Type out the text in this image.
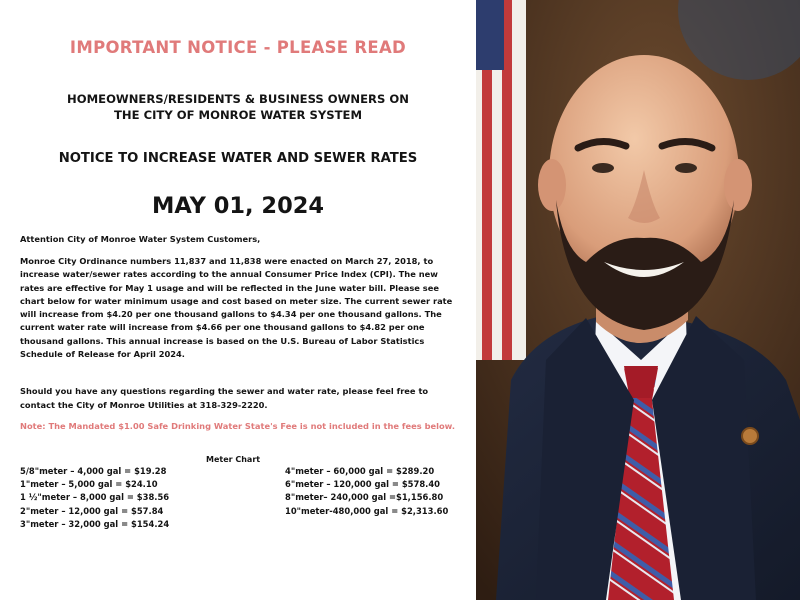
IMPORTANT NOTICE - PLEASE READ
HOMEOWNERS/RESIDENTS & BUSINESS OWNERS ON
THE CITY OF MONROE WATER SYSTEM
NOTICE TO INCREASE WATER AND SEWER RATES
MAY 01, 2024

Attention City of Monroe Water System Customers,

Monroe City Ordinance numbers 11,837 and 11,838 were enacted on March 27, 2018, to increase water/sewer rates according to the annual Consumer Price Index (CPI). The new rates are effective for May 1 usage and will be reflected in the June water bill. Please see chart below for water minimum usage and cost based on meter size. The current sewer rate will increase from $4.20 per one thousand gallons to $4.34 per one thousand gallons. The current water rate will increase from $4.66 per one thousand gallons to $4.82 per one thousand gallons. This annual increase is based on the U.S. Bureau of Labor Statistics Schedule of Release for April 2024.

Should you have any questions regarding the sewer and water rate, please feel free to contact the City of Monroe Utilities at 318-329-2220.

Note: The Mandated $1.00 Safe Drinking Water State's Fee is not included in the fees below.

Meter Chart
5/8"meter – 4,000 gal = $19.28
1"meter – 5,000 gal = $24.10
1 ½"meter – 8,000 gal = $38.56
2"meter – 12,000 gal = $57.84
3"meter – 32,000 gal = $154.24
4"meter – 60,000 gal = $289.20
6"meter – 120,000 gal = $578.40
8"meter– 240,000 gal =$1,156.80
10"meter-480,000 gal = $2,313.60
